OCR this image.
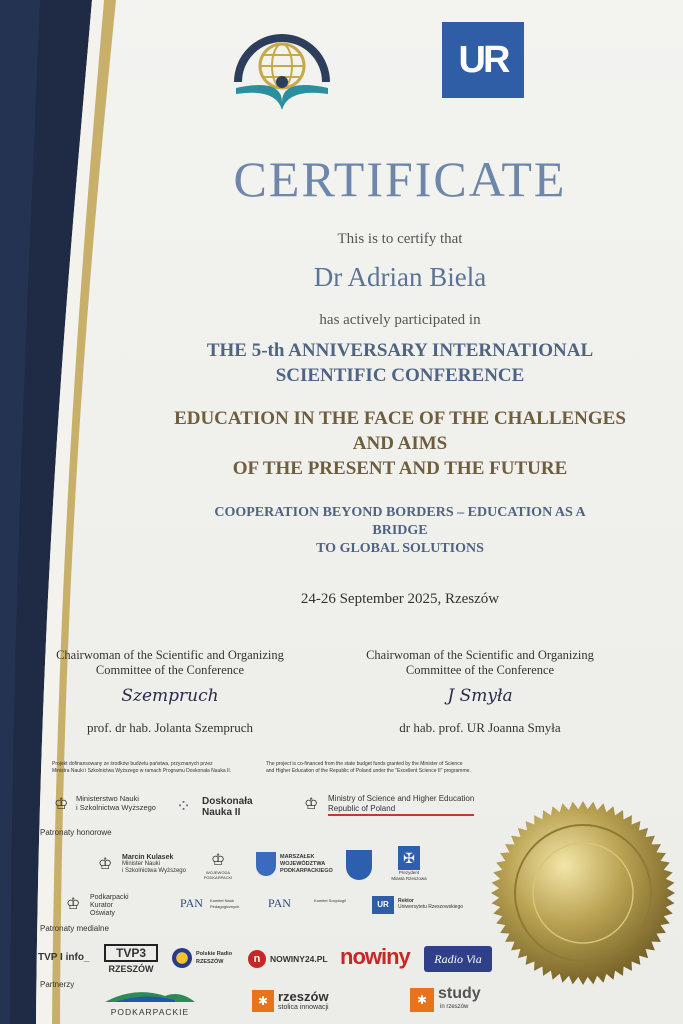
UR
CERTIFICATE
This is to certify that
Dr Adrian Biela
has actively participated in
THE 5-th ANNIVERSARY INTERNATIONAL
SCIENTIFIC CONFERENCE
EDUCATION IN THE FACE OF THE CHALLENGES
AND AIMS
OF THE PRESENT AND THE FUTURE
COOPERATION BEYOND BORDERS – EDUCATION AS A
BRIDGE
TO GLOBAL SOLUTIONS
24-26 September 2025, Rzeszów
Chairwoman of the Scientific and Organizing
Committee of the Conference
Szempruch
prof. dr hab. Jolanta Szempruch
Chairwoman of the Scientific and Organizing
Committee of the Conference
J Smyła
dr hab. prof. UR Joanna Smyła
Projekt dofinansowany ze środków budżetu państwa, przyznanych przez
Ministra Nauki i Szkolnictwa Wyższego w ramach Programu Doskonała Nauka II.
The project is co-financed from the state budget funds granted by the Minister of Science
and Higher Education of the Republic of Poland under the "Excellent Science II" programme.
♔ Ministerstwo Nauki
i Szkolnictwa Wyższego ⁘ Doskonała
Nauka II	♔ Ministry of Science and Higher Education
Republic of Poland
Patronaty honorowe
♔ Marcin Kulasek
Minister Nauki
i Szkolnictwa Wyższego
♔
WOJEWODA PODKARPACKI
MARSZAŁEK
WOJEWÓDZTWA
PODKARPACKIEGO
✠
Prezydent
Miasta Rzeszowa
♔ Podkarpacki
Kurator
Oświaty
PAN Komitet Nauk Pedagogicznych	PAN	Komitet Socjologii	UR	Rektor
Uniwersytetu Rzeszowskiego
Patronaty medialne
TVP I info_	TVP3
RZESZÓW
Polskie Radio
RZESZÓW	n	NOWINY24.PL nowiny	Radio Via
Partnerzy
PODKARPACKIE
✱ rzeszów
stolica innowacji
✱ study
in rzeszów
